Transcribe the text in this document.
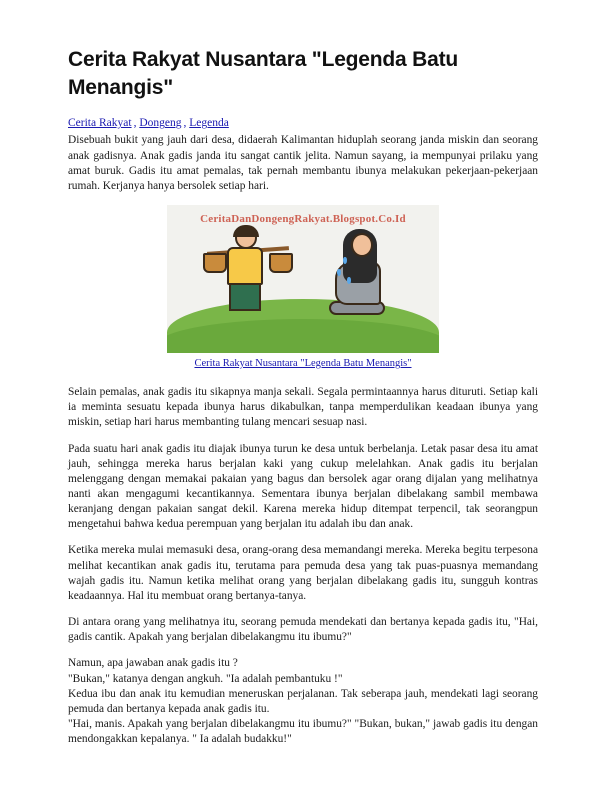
Cerita Rakyat Nusantara "Legenda Batu Menangis"
Cerita Rakyat , Dongeng , Legenda

Disebuah bukit yang jauh dari desa, didaerah Kalimantan hiduplah seorang janda miskin dan seorang anak gadisnya. Anak gadis janda itu sangat cantik jelita. Namun sayang, ia mempunyai prilaku yang amat buruk. Gadis itu amat pemalas, tak pernah membantu ibunya melakukan pekerjaan-pekerjaan rumah. Kerjanya hanya bersolek setiap hari.

CeritaDanDongengRakyat.Blogspot.Co.Id
Cerita Rakyat Nusantara "Legenda Batu Menangis"

Selain pemalas, anak gadis itu sikapnya manja sekali. Segala permintaannya harus dituruti. Setiap kali ia meminta sesuatu kepada ibunya harus dikabulkan, tanpa memperdulikan keadaan ibunya yang miskin, setiap hari harus membanting tulang mencari sesuap nasi.

Pada suatu hari anak gadis itu diajak ibunya turun ke desa untuk berbelanja. Letak pasar desa itu amat jauh, sehingga mereka harus berjalan kaki yang cukup melelahkan. Anak gadis itu berjalan melenggang dengan memakai pakaian yang bagus dan bersolek agar orang dijalan yang melihatnya nanti akan mengagumi kecantikannya. Sementara ibunya berjalan dibelakang sambil membawa keranjang dengan pakaian sangat dekil. Karena mereka hidup ditempat terpencil, tak seorangpun mengetahui bahwa kedua perempuan yang berjalan itu adalah ibu dan anak.

Ketika mereka mulai memasuki desa, orang-orang desa memandangi mereka. Mereka begitu terpesona melihat kecantikan anak gadis itu, terutama para pemuda desa yang tak puas-puasnya memandang wajah gadis itu. Namun ketika melihat orang yang berjalan dibelakang gadis itu, sungguh kontras keadaannya. Hal itu membuat orang bertanya-tanya.

Di antara orang yang melihatnya itu, seorang pemuda mendekati dan bertanya kepada gadis itu, "Hai, gadis cantik. Apakah yang berjalan dibelakangmu itu ibumu?"

Namun, apa jawaban anak gadis itu ?

"Bukan," katanya dengan angkuh. "Ia adalah pembantuku !"

Kedua ibu dan anak itu kemudian meneruskan perjalanan. Tak seberapa jauh, mendekati lagi seorang pemuda dan bertanya kepada anak gadis itu.

"Hai, manis. Apakah yang berjalan dibelakangmu itu ibumu?" "Bukan, bukan," jawab gadis itu dengan mendongakkan kepalanya. " Ia adalah budakku!"
